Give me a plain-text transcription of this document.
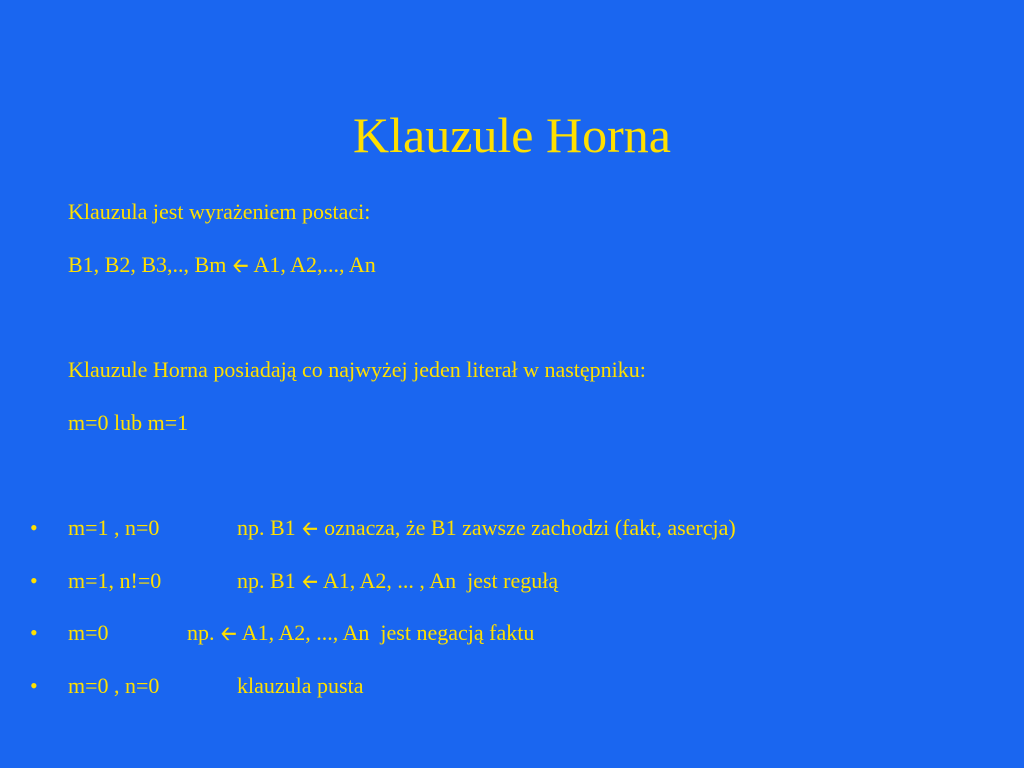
Klauzule Horna
Klauzula jest wyrażeniem postaci:
B1, B2, B3,.., Bm 🡠 A1, A2,..., An
Klauzule Horna posiadają co najwyżej jeden literał w następniku:
m=0 lub m=1

•

m=1 , n=0

	np. B1 🡠 oznacza, że B1 zawsze zachodzi (fakt, asercja)

•

m=1, n!=0

	np. B1 🡠 A1, A2, ... , An  jest regułą

•

m=0

	np. 🡠 A1, A2, ..., An  jest negacją faktu

•

m=0 , n=0

	klauzula pusta
